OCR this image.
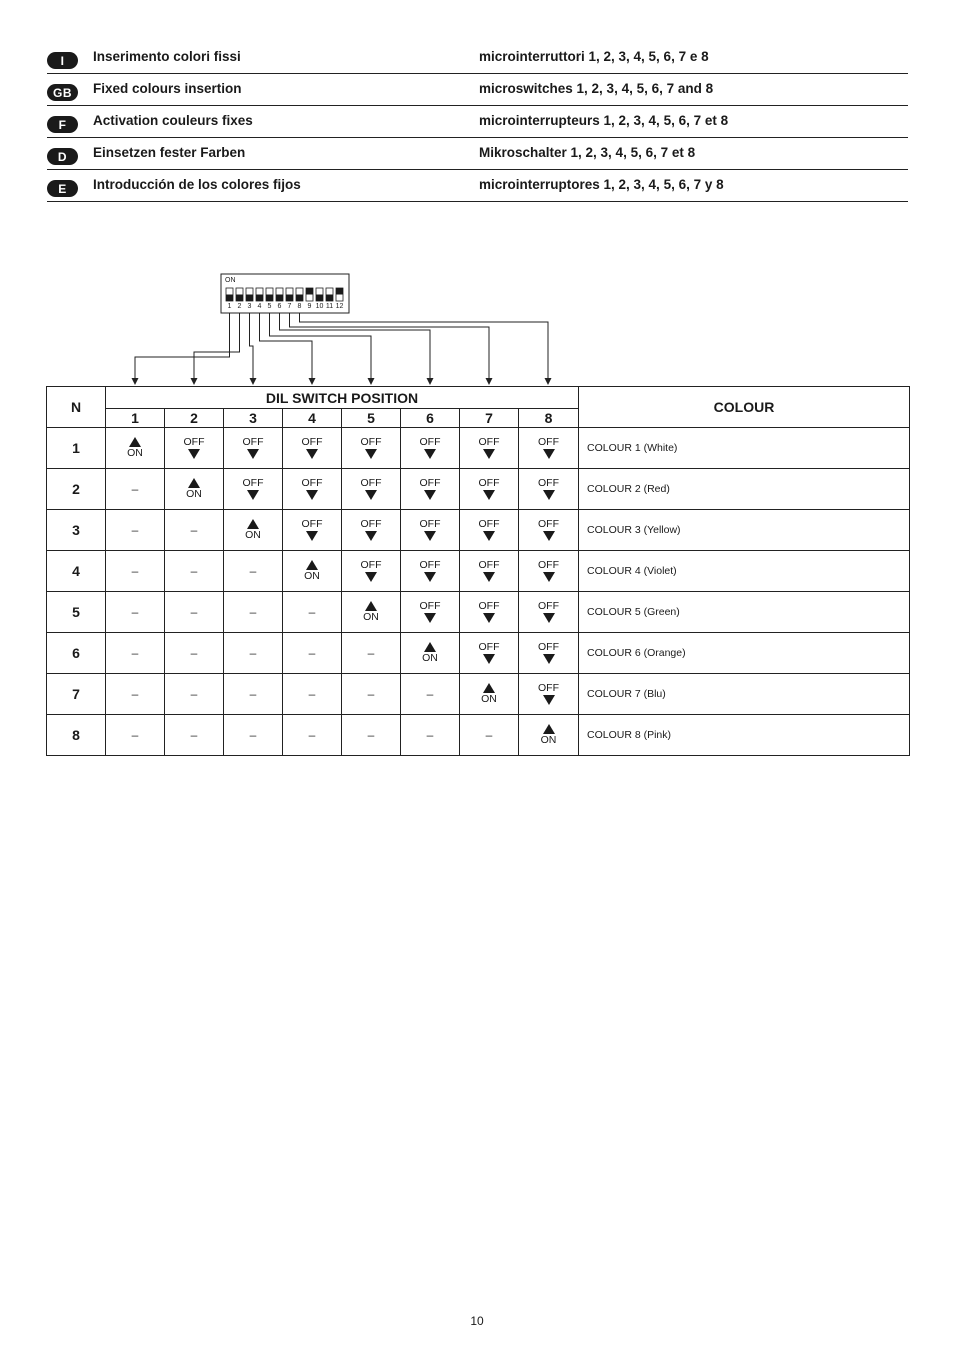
I	Inserimento colori fissi	microinterruttori 1, 2, 3, 4, 5, 6, 7 e 8
GB	Fixed colours insertion	microswitches 1, 2, 3, 4, 5, 6, 7 and 8
F	Activation couleurs fixes	microinterrupteurs 1, 2, 3, 4, 5, 6, 7 et 8
D	Einsetzen fester Farben	Mikroschalter 1, 2, 3, 4, 5, 6, 7 et 8
E	Introducción de los colores fijos	microinterruptores 1, 2, 3, 4, 5, 6, 7 y 8
ON
1 2 3 4 5 6 7 8 9 10 11 12
N	DIL SWITCH POSITION								COLOUR
	1	2	3	4	5	6	7	8	
1	ON	OFF	OFF	OFF	OFF	OFF	OFF	OFF	COLOUR 1 (White)
2	–	ON	OFF	OFF	OFF	OFF	OFF	OFF	COLOUR 2 (Red)
3	–	–	ON	OFF	OFF	OFF	OFF	OFF	COLOUR 3 (Yellow)
4	–	–	–	ON	OFF	OFF	OFF	OFF	COLOUR 4 (Violet)
5	–	–	–	–	ON	OFF	OFF	OFF	COLOUR 5 (Green)
6	–	–	–	–	–	ON	OFF	OFF	COLOUR 6 (Orange)
7	–	–	–	–	–	–	ON	OFF	COLOUR 7 (Blu)
8	–	–	–	–	–	–	–	ON	COLOUR 8 (Pink)
10
